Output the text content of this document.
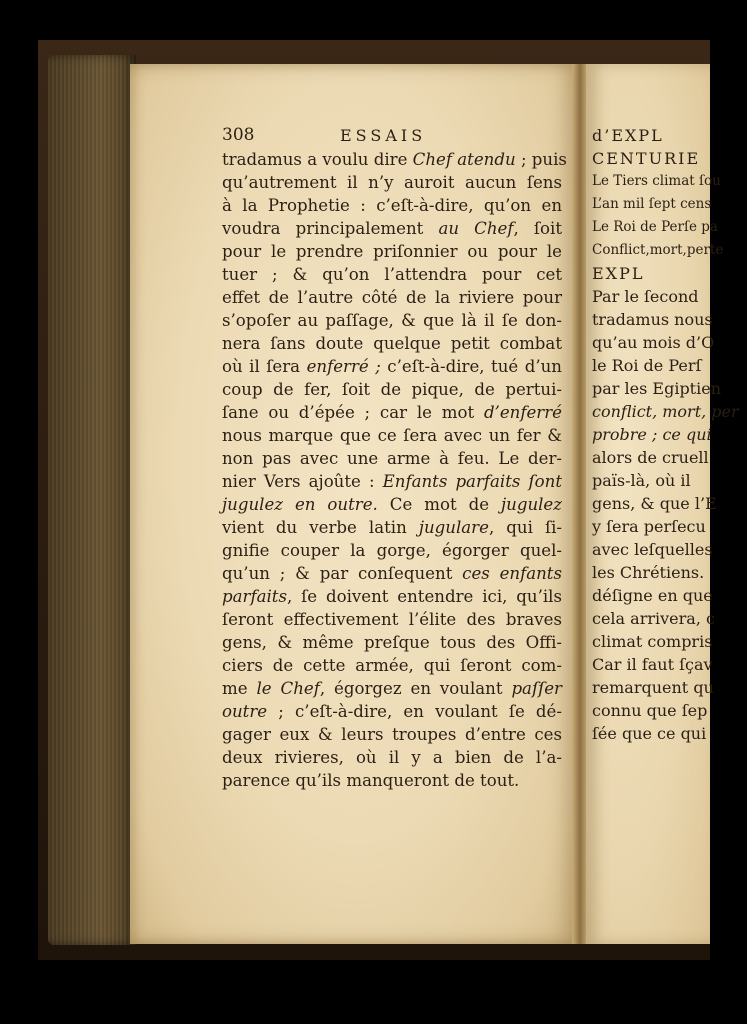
308	ESSAIS
tradamus a voulu dire Chef atendu ; puis
qu’autrement il n’y auroit aucun ſens
à la Prophetie : c’eſt-à-dire, qu’on en
voudra principalement au Chef, ſoit
pour le prendre priſonnier ou pour le
tuer ; & qu’on l’attendra pour cet
effet de l’autre côté de la riviere pour
s’opoſer au paſſage, & que là il ſe don-
nera ſans doute quelque petit combat
où il ſera enferré ; c’eſt-à-dire, tué d’un
coup de fer, ſoit de pique, de pertui-
ſane ou d’épée ; car le mot d’enferré
nous marque que ce ſera avec un fer &
non pas avec une arme à feu. Le der-
nier Vers ajoûte : Enfants parfaits ſont
jugulez en outre. Ce mot de jugulez
vient du verbe latin jugulare, qui ſi-
gnifie couper la gorge, égorger quel-
qu’un ; & par conſequent ces enfants
parfaits, ſe doivent entendre ici, qu’ils
ſeront effectivement l’élite des braves
gens, & même preſque tous des Offi-
ciers de cette armée, qui ſeront com-
me le Chef, égorgez en voulant paſſer
outre ; c’eſt-à-dire, en voulant ſe dé-
gager eux & leurs troupes d’entre ces
deux rivieres, où il y a bien de l’a-
parence qu’ils manqueront de tout.
d’EXPL
CENTURIE
Le Tiers climat ſou
L’an mil ſept cens
Le Roi de Perſe pa
Conflict,mort,perte
EXPL
Par le ſecond
tradamus nous
qu’au mois d’O
le Roi de Perſ
par les Egiptien
conflict, mort, per
probre ; ce qui
alors de cruell
païs-là, où il
gens, & que l’E
y ſera perſecu
avec leſquelles
les Chrétiens.
déſigne en que
cela arrivera, c
climat compris
Car il faut ſçav
remarquent qu
connu que ſep
ſée que ce qui
